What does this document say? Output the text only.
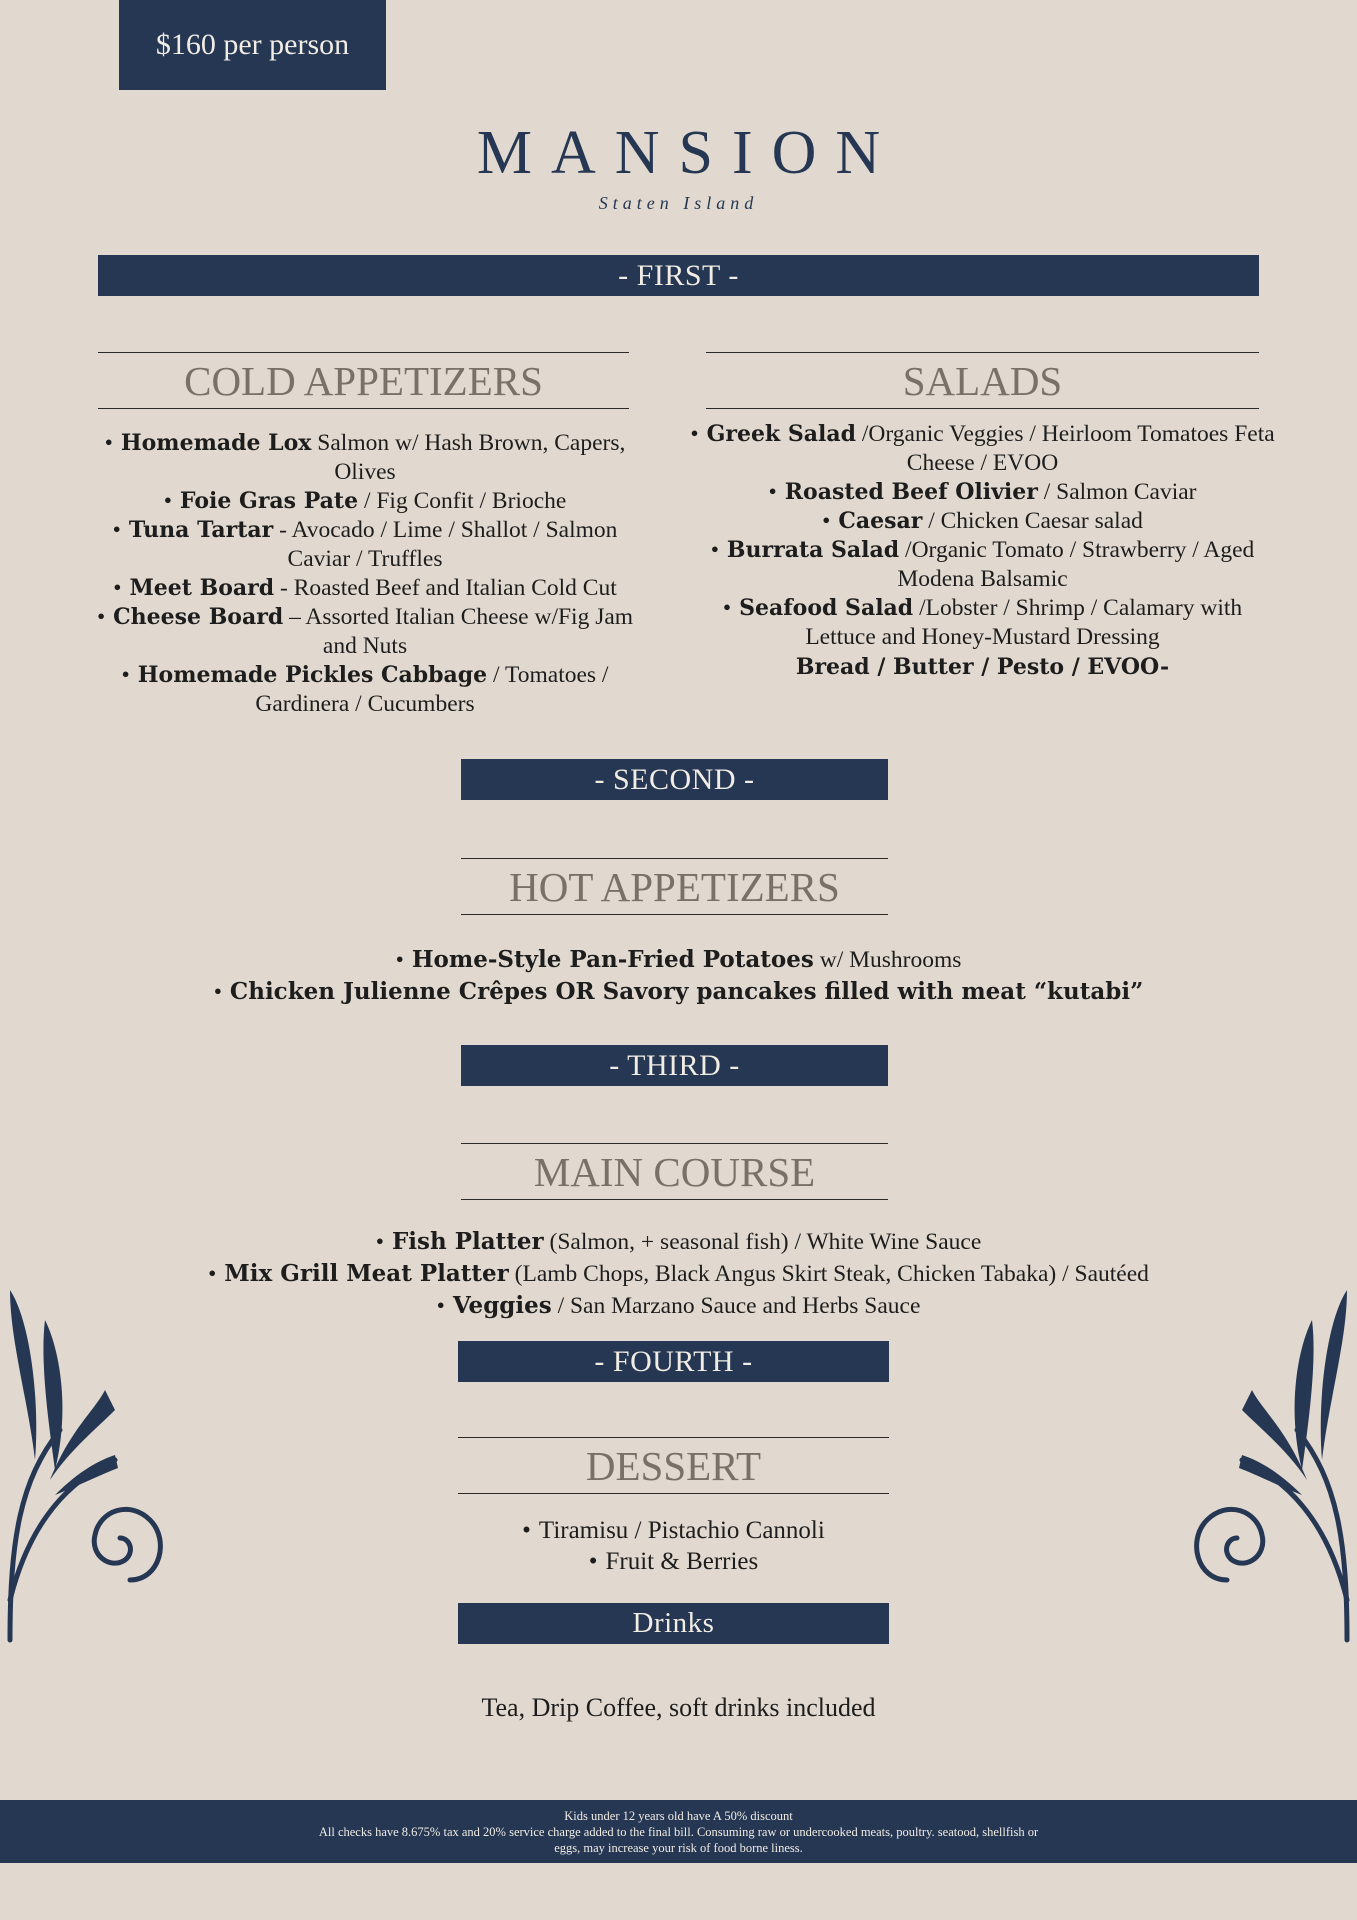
$160 per person
MANSION
Staten Island
- FIRST -
COLD APPETIZERS

• Homemade Lox Salmon w/ Hash Brown, Capers, Olives

• Foie Gras Pate / Fig Confit / Brioche

• Tuna Tartar - Avocado / Lime / Shallot / Salmon Caviar / Truffles

• Meet Board - Roasted Beef and Italian Cold Cut

• Cheese Board – Assorted Italian Cheese w/Fig Jam and Nuts

• Homemade Pickles Cabbage / Tomatoes / Gardinera / Cucumbers

SALADS

• Greek Salad /Organic Veggies / Heirloom Tomatoes Feta Cheese / EVOO

• Roasted Beef Olivier / Salmon Caviar

• Caesar / Chicken Caesar salad

• Burrata Salad /Organic Tomato / Strawberry / Aged Modena Balsamic

• Seafood Salad /Lobster / Shrimp / Calamary with Lettuce and Honey-Mustard Dressing

Bread / Butter / Pesto / EVOO-
- SECOND -
HOT APPETIZERS

• Home-Style Pan-Fried Potatoes w/ Mushrooms

• Chicken Julienne Crêpes OR Savory pancakes filled with meat “kutabi”

- THIRD -
MAIN COURSE

• Fish Platter (Salmon, + seasonal fish) / White Wine Sauce

• Mix Grill Meat Platter (Lamb Chops, Black Angus Skirt Steak, Chicken Tabaka) / Sautéed

• Veggies / San Marzano Sauce and Herbs Sauce

- FOURTH -
DESSERT

• Tiramisu / Pistachio Cannoli

• Fruit & Berries

Drinks
Tea, Drip Coffee, soft drinks included
Kids under 12 years old have A 50% discount
All checks have 8.675% tax and 20% service charge added to the final bill. Consuming raw or undercooked meats, poultry. seatood, shellfish or
eggs, may increase your risk of food borne liness.
